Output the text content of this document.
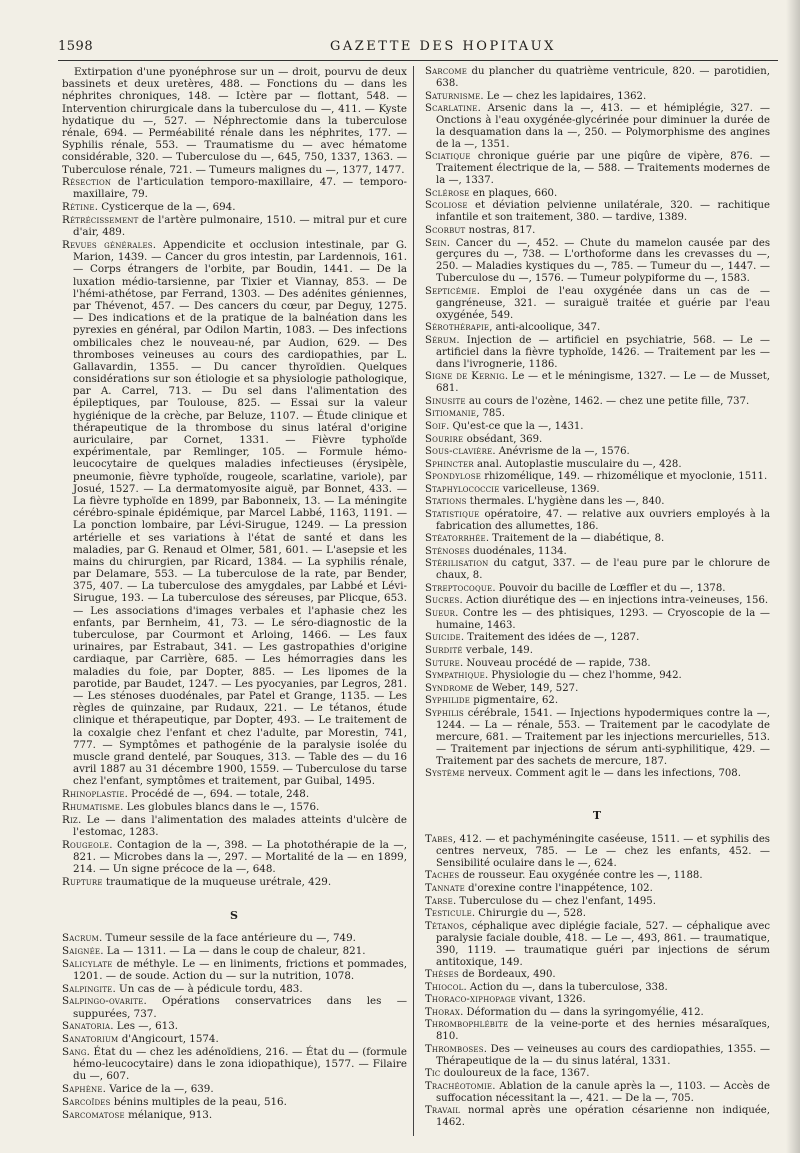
1598	GAZETTE DES HOPITAUX

Extirpation d'une pyonéphrose sur un — droit, pourvu de deux bassinets et deux uretères, 488. — Fonctions du — dans les néphrites chroniques, 148. — Ictère par — flottant, 548. — Intervention chirurgicale dans la tuberculose du —, 411. — Kyste hydatique du —, 527. — Néphrectomie dans la tuberculose rénale, 694. — Perméabilité rénale dans les néphrites, 177. — Syphilis rénale, 553. — Traumatisme du — avec hématome considérable, 320. — Tuberculose du —, 645, 750, 1337, 1363. — Tuberculose rénale, 721. — Tumeurs malignes du —, 1377, 1477.

Résection de l'articulation temporo-maxillaire, 47. — temporo-maxillaire, 79.

Rétine. Cysticerque de la —, 694.

Rétrécissement de l'artère pulmonaire, 1510. — mitral pur et cure d'air, 489.

Revues générales. Appendicite et occlusion intestinale, par G. Marion, 1439. — Cancer du gros intestin, par Lardennois, 161. — Corps étrangers de l'orbite, par Boudin, 1441. — De la luxation médio-tarsienne, par Tixier et Viannay, 853. — De l'hémi-athétose, par Ferrand, 1303. — Des adénites géniennes, par Thévenot, 457. — Des cancers du cœur, par Deguy, 1275. — Des indications et de la pratique de la balnéation dans les pyrexies en général, par Odilon Martin, 1083. — Des infections ombilicales chez le nouveau-né, par Audion, 629. — Des thromboses veineuses au cours des cardiopathies, par L. Gallavardin, 1355. — Du cancer thyroïdien. Quelques considérations sur son étiologie et sa physiologie pathologique, par A. Carrel, 713. — Du sel dans l'alimentation des épileptiques, par Toulouse, 825. — Essai sur la valeur hygiénique de la crèche, par Beluze, 1107. — Étude clinique et thérapeutique de la thrombose du sinus latéral d'origine auriculaire, par Cornet, 1331. — Fièvre typhoïde expérimentale, par Remlinger, 105. — Formule hémo-leucocytaire de quelques maladies infectieuses (érysipèle, pneumonie, fièvre typhoïde, rougeole, scarlatine, variole), par Josué, 1527. — La dermatomyosite aiguë, par Bonnet, 433. — La fièvre typhoïde en 1899, par Babonneix, 13. — La méningite cérébro-spinale épidémique, par Marcel Labbé, 1163, 1191. — La ponction lombaire, par Lévi-Sirugue, 1249. — La pression artérielle et ses variations à l'état de santé et dans les maladies, par G. Renaud et Olmer, 581, 601. — L'asepsie et les mains du chirurgien, par Ricard, 1384. — La syphilis rénale, par Delamare, 553. — La tuberculose de la rate, par Bender, 375, 407. — La tuberculose des amygdales, par Labbé et Lévi-Sirugue, 193. — La tuberculose des séreuses, par Plicque, 653. — Les associations d'images verbales et l'aphasie chez les enfants, par Bernheim, 41, 73. — Le séro-diagnostic de la tuberculose, par Courmont et Arloing, 1466. — Les faux urinaires, par Estrabaut, 341. — Les gastropathies d'origine cardiaque, par Carrière, 685. — Les hémorragies dans les maladies du foie, par Dopter, 885. — Les lipomes de la parotide, par Baudet, 1247. — Les pyocyanies, par Legros, 281. — Les sténoses duodénales, par Patel et Grange, 1135. — Les règles de quinzaine, par Rudaux, 221. — Le tétanos, étude clinique et thérapeutique, par Dopter, 493. — Le traitement de la coxalgie chez l'enfant et chez l'adulte, par Morestin, 741, 777. — Symptômes et pathogénie de la paralysie isolée du muscle grand dentelé, par Souques, 313. — Table des — du 16 avril 1887 au 31 décembre 1900, 1559. — Tuberculose du tarse chez l'enfant, symptômes et traitement, par Guibal, 1495.

Rhinoplastie. Procédé de —, 694. — totale, 248.

Rhumatisme. Les globules blancs dans le —, 1576.

Riz. Le — dans l'alimentation des malades atteints d'ulcère de l'estomac, 1283.

Rougeole. Contagion de la —, 398. — La photothérapie de la —, 821. — Microbes dans la —, 297. — Mortalité de la — en 1899, 214. — Un signe précoce de la —, 648.

Rupture traumatique de la muqueuse urétrale, 429.

S

Sacrum. Tumeur sessile de la face antérieure du —, 749.

Saignée. La — 1311. — La — dans le coup de chaleur, 821.

Salicylate de méthyle. Le — en liniments, frictions et pommades, 1201. — de soude. Action du — sur la nutrition, 1078.

Salpingite. Un cas de — à pédicule tordu, 483.

Salpingo-ovarite. Opérations conservatrices dans les — suppurées, 737.

Sanatoria. Les —, 613.

Sanatorium d'Angicourt, 1574.

Sang. État du — chez les adénoïdiens, 216. — État du — (formule hémo-leucocytaire) dans le zona idiopathique), 1577. — Filaire du —, 607.

Saphène. Varice de la —, 639.

Sarcoïdes bénins multiples de la peau, 516.

Sarcomatose mélanique, 913.

Sarcome du plancher du quatrième ventricule, 820. — parotidien, 638.

Saturnisme. Le — chez les lapidaires, 1362.

Scarlatine. Arsenic dans la —, 413. — et hémiplégie, 327. — Onctions à l'eau oxygénée-glycérinée pour diminuer la durée de la desquamation dans la —, 250. — Polymorphisme des angines de la —, 1351.

Sciatique chronique guérie par une piqûre de vipère, 876. — Traitement électrique de la, — 588. — Traitements modernes de la —, 1337.

Sclérose en plaques, 660.

Scoliose et déviation pelvienne unilatérale, 320. — rachitique infantile et son traitement, 380. — tardive, 1389.

Scorbut nostras, 817.

Sein. Cancer du —, 452. — Chute du mamelon causée par des gerçures du —, 738. — L'orthoforme dans les crevasses du —, 250. — Maladies kystiques du —, 785. — Tumeur du —, 1447. — Tuberculose du —, 1576. — Tumeur polypiforme du —, 1583.

Septicémie. Emploi de l'eau oxygénée dans un cas de — gangréneuse, 321. — suraiguë traitée et guérie par l'eau oxygénée, 549.

Sérothérapie, anti-alcoolique, 347.

Sérum. Injection de — artificiel en psychiatrie, 568. — Le — artificiel dans la fièvre typhoïde, 1426. — Traitement par les — dans l'ivrognerie, 1186.

Signe de Kernig. Le — et le méningisme, 1327. — Le — de Musset, 681.

Sinusite au cours de l'ozène, 1462. — chez une petite fille, 737.

Sitiomanie, 785.

Soif. Qu'est-ce que la —, 1431.

Sourire obsédant, 369.

Sous-clavière. Anévrisme de la —, 1576.

Sphincter anal. Autoplastie musculaire du —, 428.

Spondylose rhizomélique, 149. — rhizomélique et myoclonie, 1511.

Staphylococcie varicelleuse, 1369.

Stations thermales. L'hygiène dans les —, 840.

Statistique opératoire, 47. — relative aux ouvriers employés à la fabrication des allumettes, 186.

Stéatorrhée. Traitement de la — diabétique, 8.

Sténoses duodénales, 1134.

Stérilisation du catgut, 337. — de l'eau pure par le chlorure de chaux, 8.

Streptocoque. Pouvoir du bacille de Lœffler et du —, 1378.

Sucres. Action diurétique des — en injections intra-veineuses, 156.

Sueur. Contre les — des phtisiques, 1293. — Cryoscopie de la — humaine, 1463.

Suicide. Traitement des idées de —, 1287.

Surdité verbale, 149.

Suture. Nouveau procédé de — rapide, 738.

Sympathique. Physiologie du — chez l'homme, 942.

Syndrome de Weber, 149, 527.

Syphilide pigmentaire, 62.

Syphilis cérébrale, 1541. — Injections hypodermiques contre la —, 1244. — La — rénale, 553. — Traitement par le cacodylate de mercure, 681. — Traitement par les injections mercurielles, 513. — Traitement par injections de sérum anti-syphilitique, 429. — Traitement par des sachets de mercure, 187.

Système nerveux. Comment agit le — dans les infections, 708.

T

Tabes, 412. — et pachyméningite caséeuse, 1511. — et syphilis des centres nerveux, 785. — Le — chez les enfants, 452. — Sensibilité oculaire dans le —, 624.

Taches de rousseur. Eau oxygénée contre les —, 1188.

Tannate d'orexine contre l'inappétence, 102.

Tarse. Tuberculose du — chez l'enfant, 1495.

Testicule. Chirurgie du —, 528.

Tétanos, céphalique avec diplégie faciale, 527. — céphalique avec paralysie faciale double, 418. — Le —, 493, 861. — traumatique, 390, 1119. — traumatique guéri par injections de sérum antitoxique, 149.

Thèses de Bordeaux, 490.

Thiocol. Action du —, dans la tuberculose, 338.

Thoraco-xiphopage vivant, 1326.

Thorax. Déformation du — dans la syringomyélie, 412.

Thrombophlébite de la veine-porte et des hernies mésaraïques, 810.

Thromboses. Des — veineuses au cours des cardiopathies, 1355. — Thérapeutique de la — du sinus latéral, 1331.

Tic douloureux de la face, 1367.

Trachéotomie. Ablation de la canule après la —, 1103. — Accès de suffocation nécessitant la —, 421. — De la —, 705.

Travail normal après une opération césarienne non indiquée, 1462.
